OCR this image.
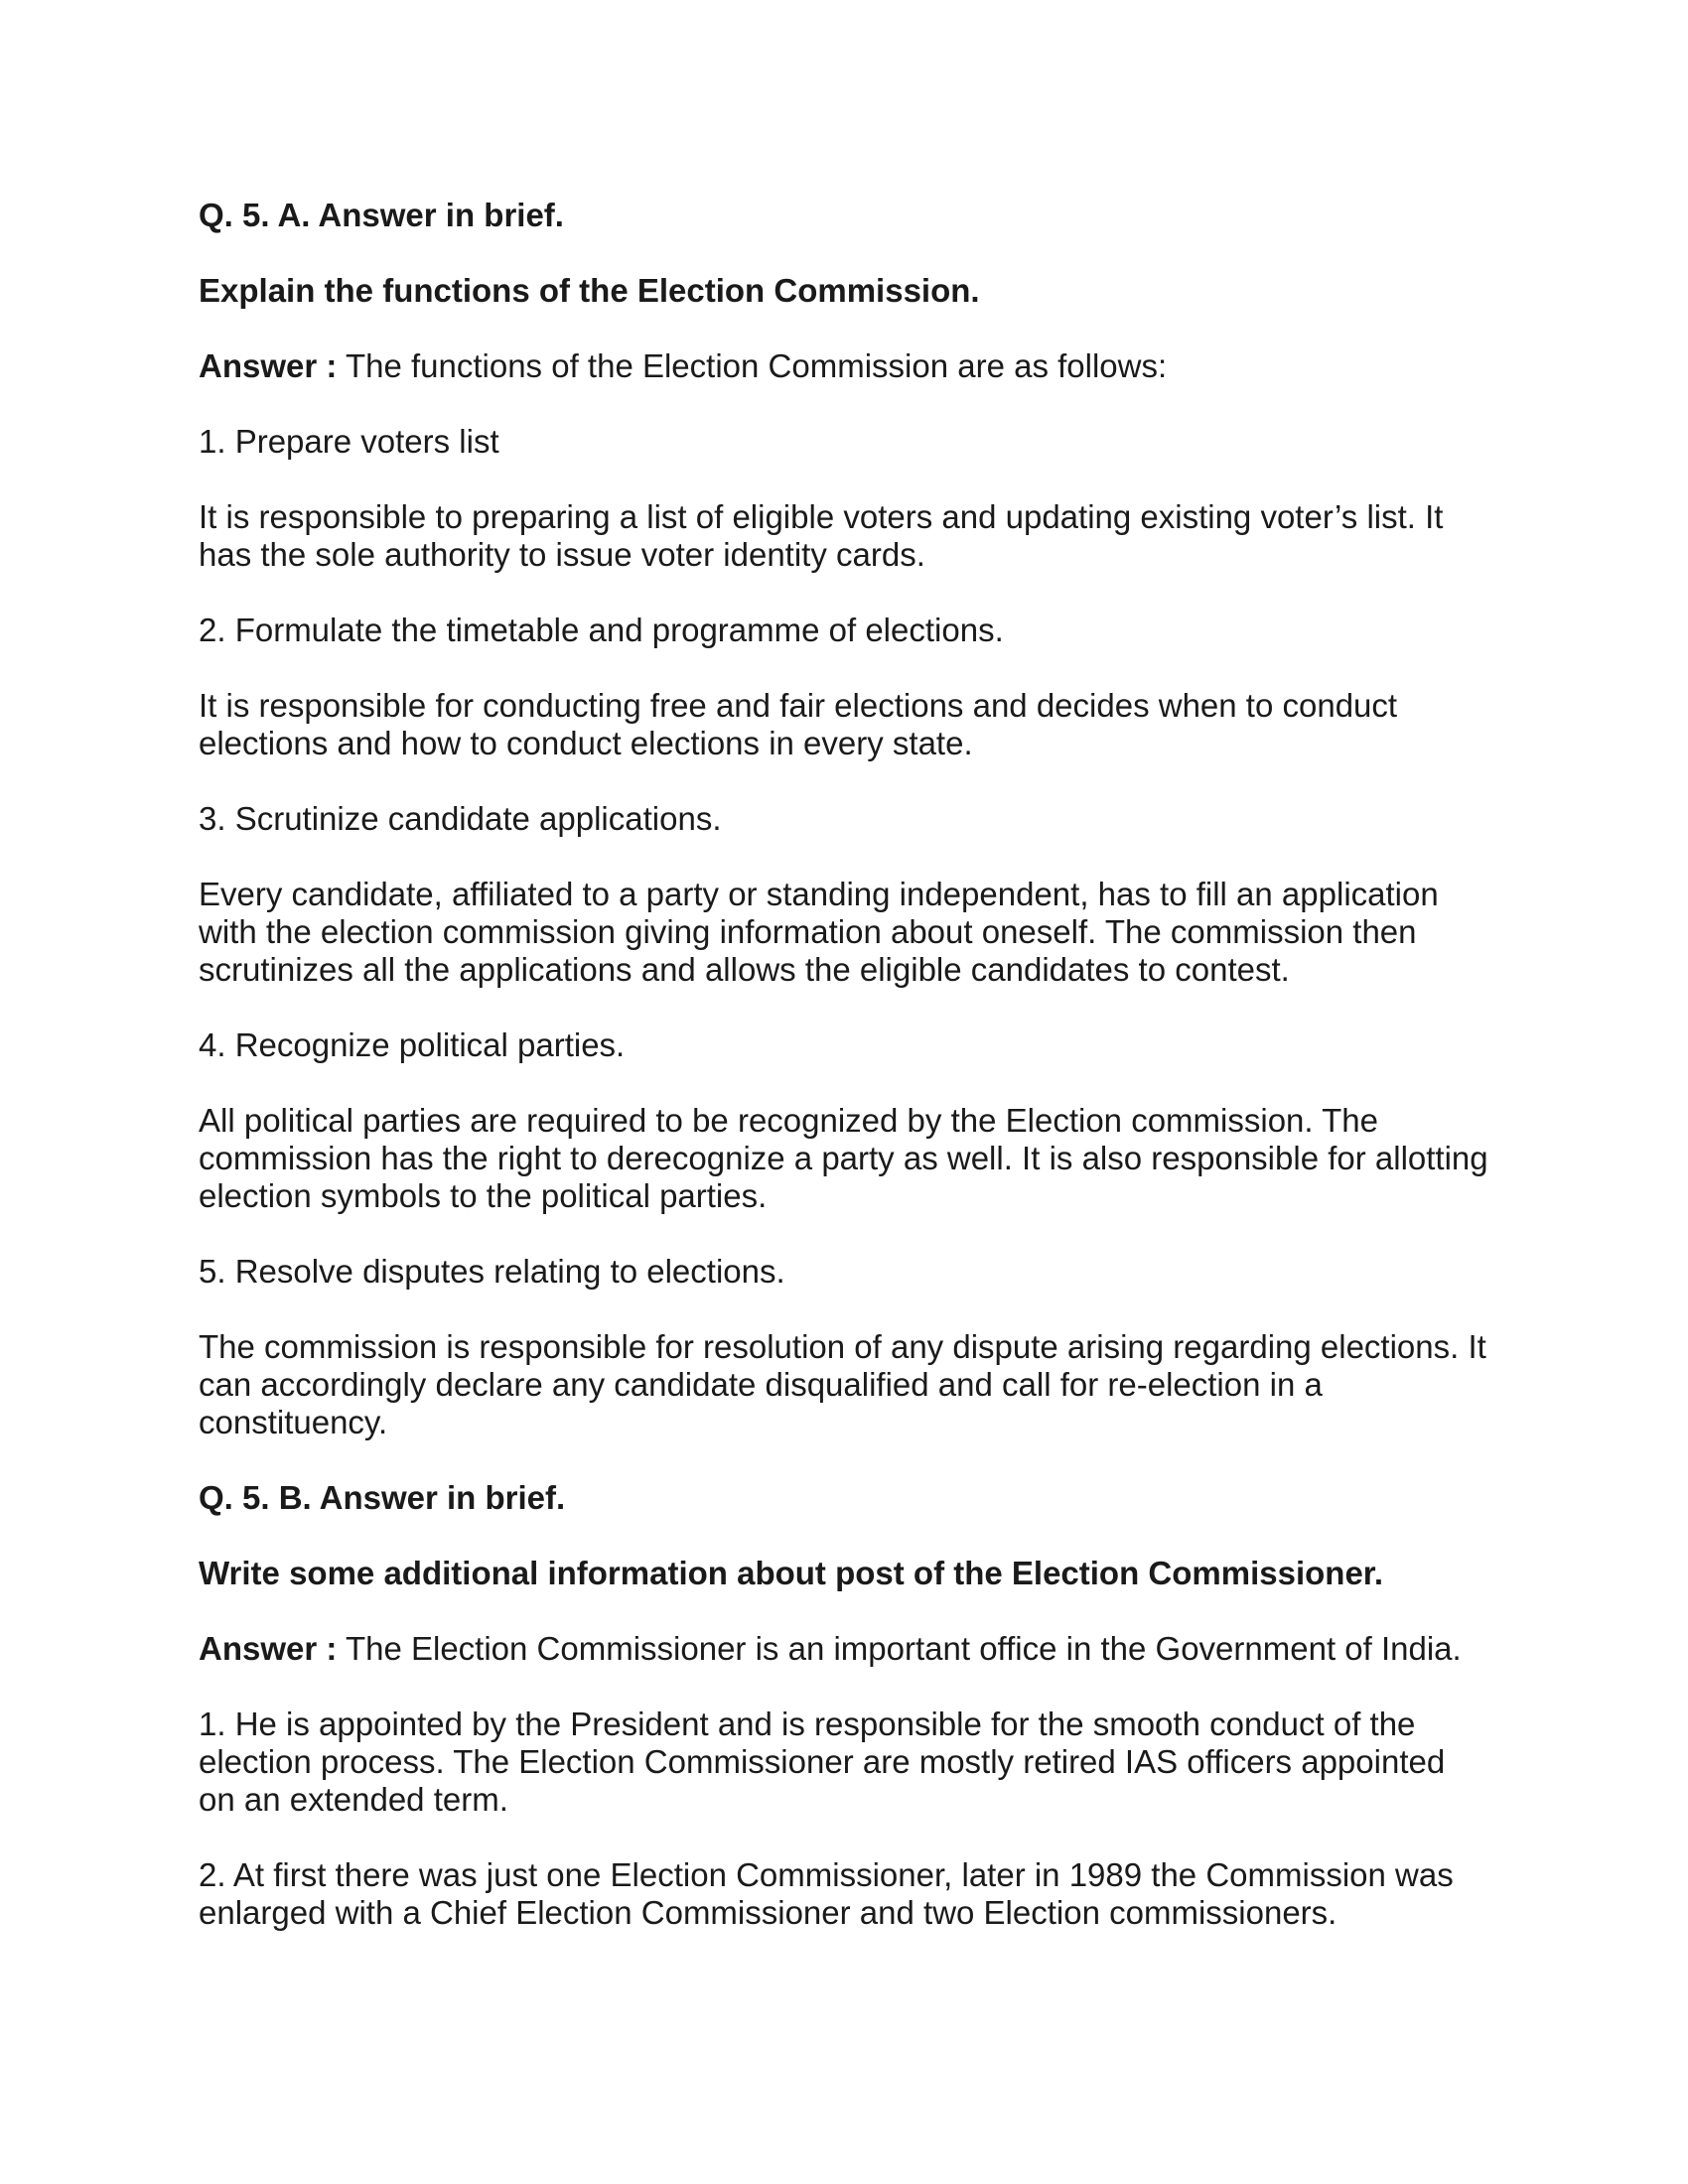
Q. 5. A. Answer in brief.

Explain the functions of the Election Commission.

Answer : The functions of the Election Commission are as follows:

1. Prepare voters list

It is responsible to preparing a list of eligible voters and updating existing voter’s list. It has the sole authority to issue voter identity cards.

2. Formulate the timetable and programme of elections.

It is responsible for conducting free and fair elections and decides when to conduct elections and how to conduct elections in every state.

3. Scrutinize candidate applications.

Every candidate, affiliated to a party or standing independent, has to fill an application with the election commission giving information about oneself. The commission then scrutinizes all the applications and allows the eligible candidates to contest.

4. Recognize political parties.

All political parties are required to be recognized by the Election commission. The commission has the right to derecognize a party as well. It is also responsible for allotting election symbols to the political parties.

5. Resolve disputes relating to elections.

The commission is responsible for resolution of any dispute arising regarding elections. It can accordingly declare any candidate disqualified and call for re-election in a constituency.

Q. 5. B. Answer in brief.

Write some additional information about post of the Election Commissioner.

Answer : The Election Commissioner is an important office in the Government of India.

1. He is appointed by the President and is responsible for the smooth conduct of the election process. The Election Commissioner are mostly retired IAS officers appointed on an extended term.

2. At first there was just one Election Commissioner, later in 1989 the Commission was enlarged with a Chief Election Commissioner and two Election commissioners.
